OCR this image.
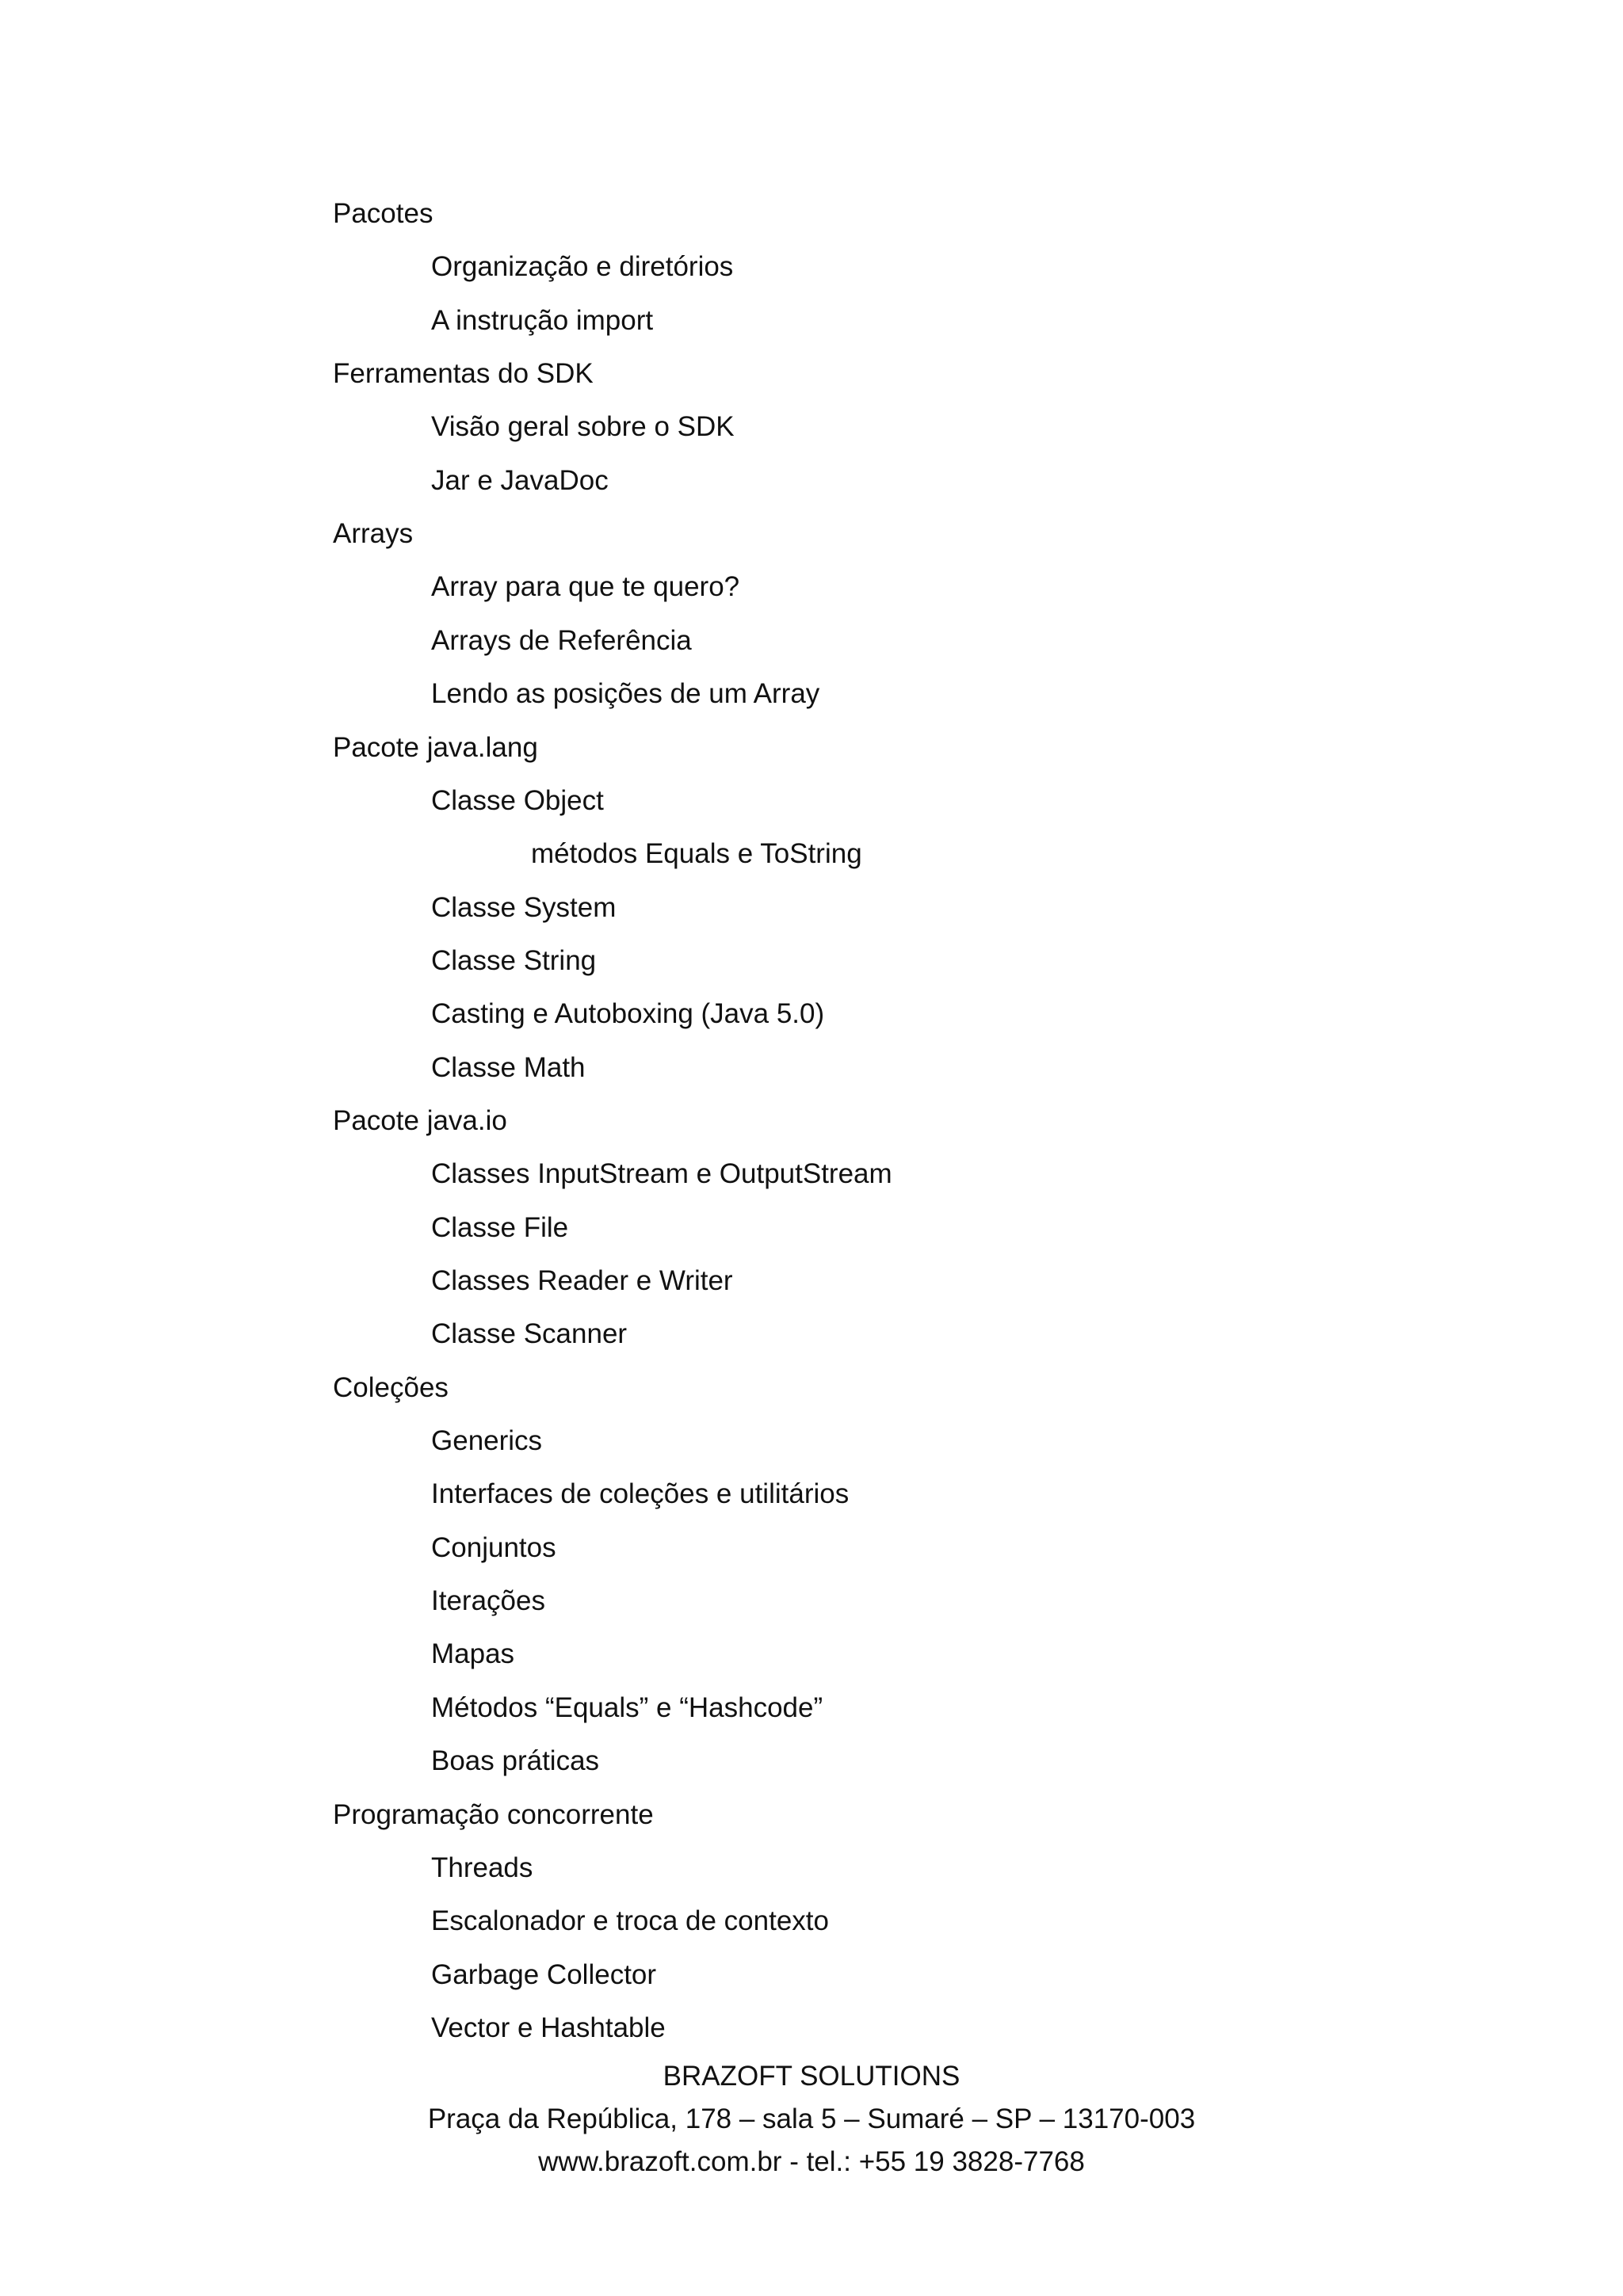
Pacotes
Organização e diretórios
A instrução import
Ferramentas do SDK
Visão geral sobre o SDK
Jar e JavaDoc
Arrays
Array para que te quero?
Arrays de Referência
Lendo as posições de um Array
Pacote java.lang
Classe Object
métodos Equals e ToString
Classe System
Classe String
Casting e Autoboxing (Java 5.0)
Classe Math
Pacote java.io
Classes InputStream e OutputStream
Classe File
Classes Reader e Writer
Classe Scanner
Coleções
Generics
Interfaces de coleções e utilitários
Conjuntos
Iterações
Mapas
Métodos “Equals” e “Hashcode”
Boas práticas
Programação concorrente
Threads
Escalonador e troca de contexto
Garbage Collector
Vector e Hashtable
BRAZOFT SOLUTIONS
Praça da República, 178 – sala 5 – Sumaré – SP – 13170-003
www.brazoft.com.br - tel.: +55 19 3828-7768
